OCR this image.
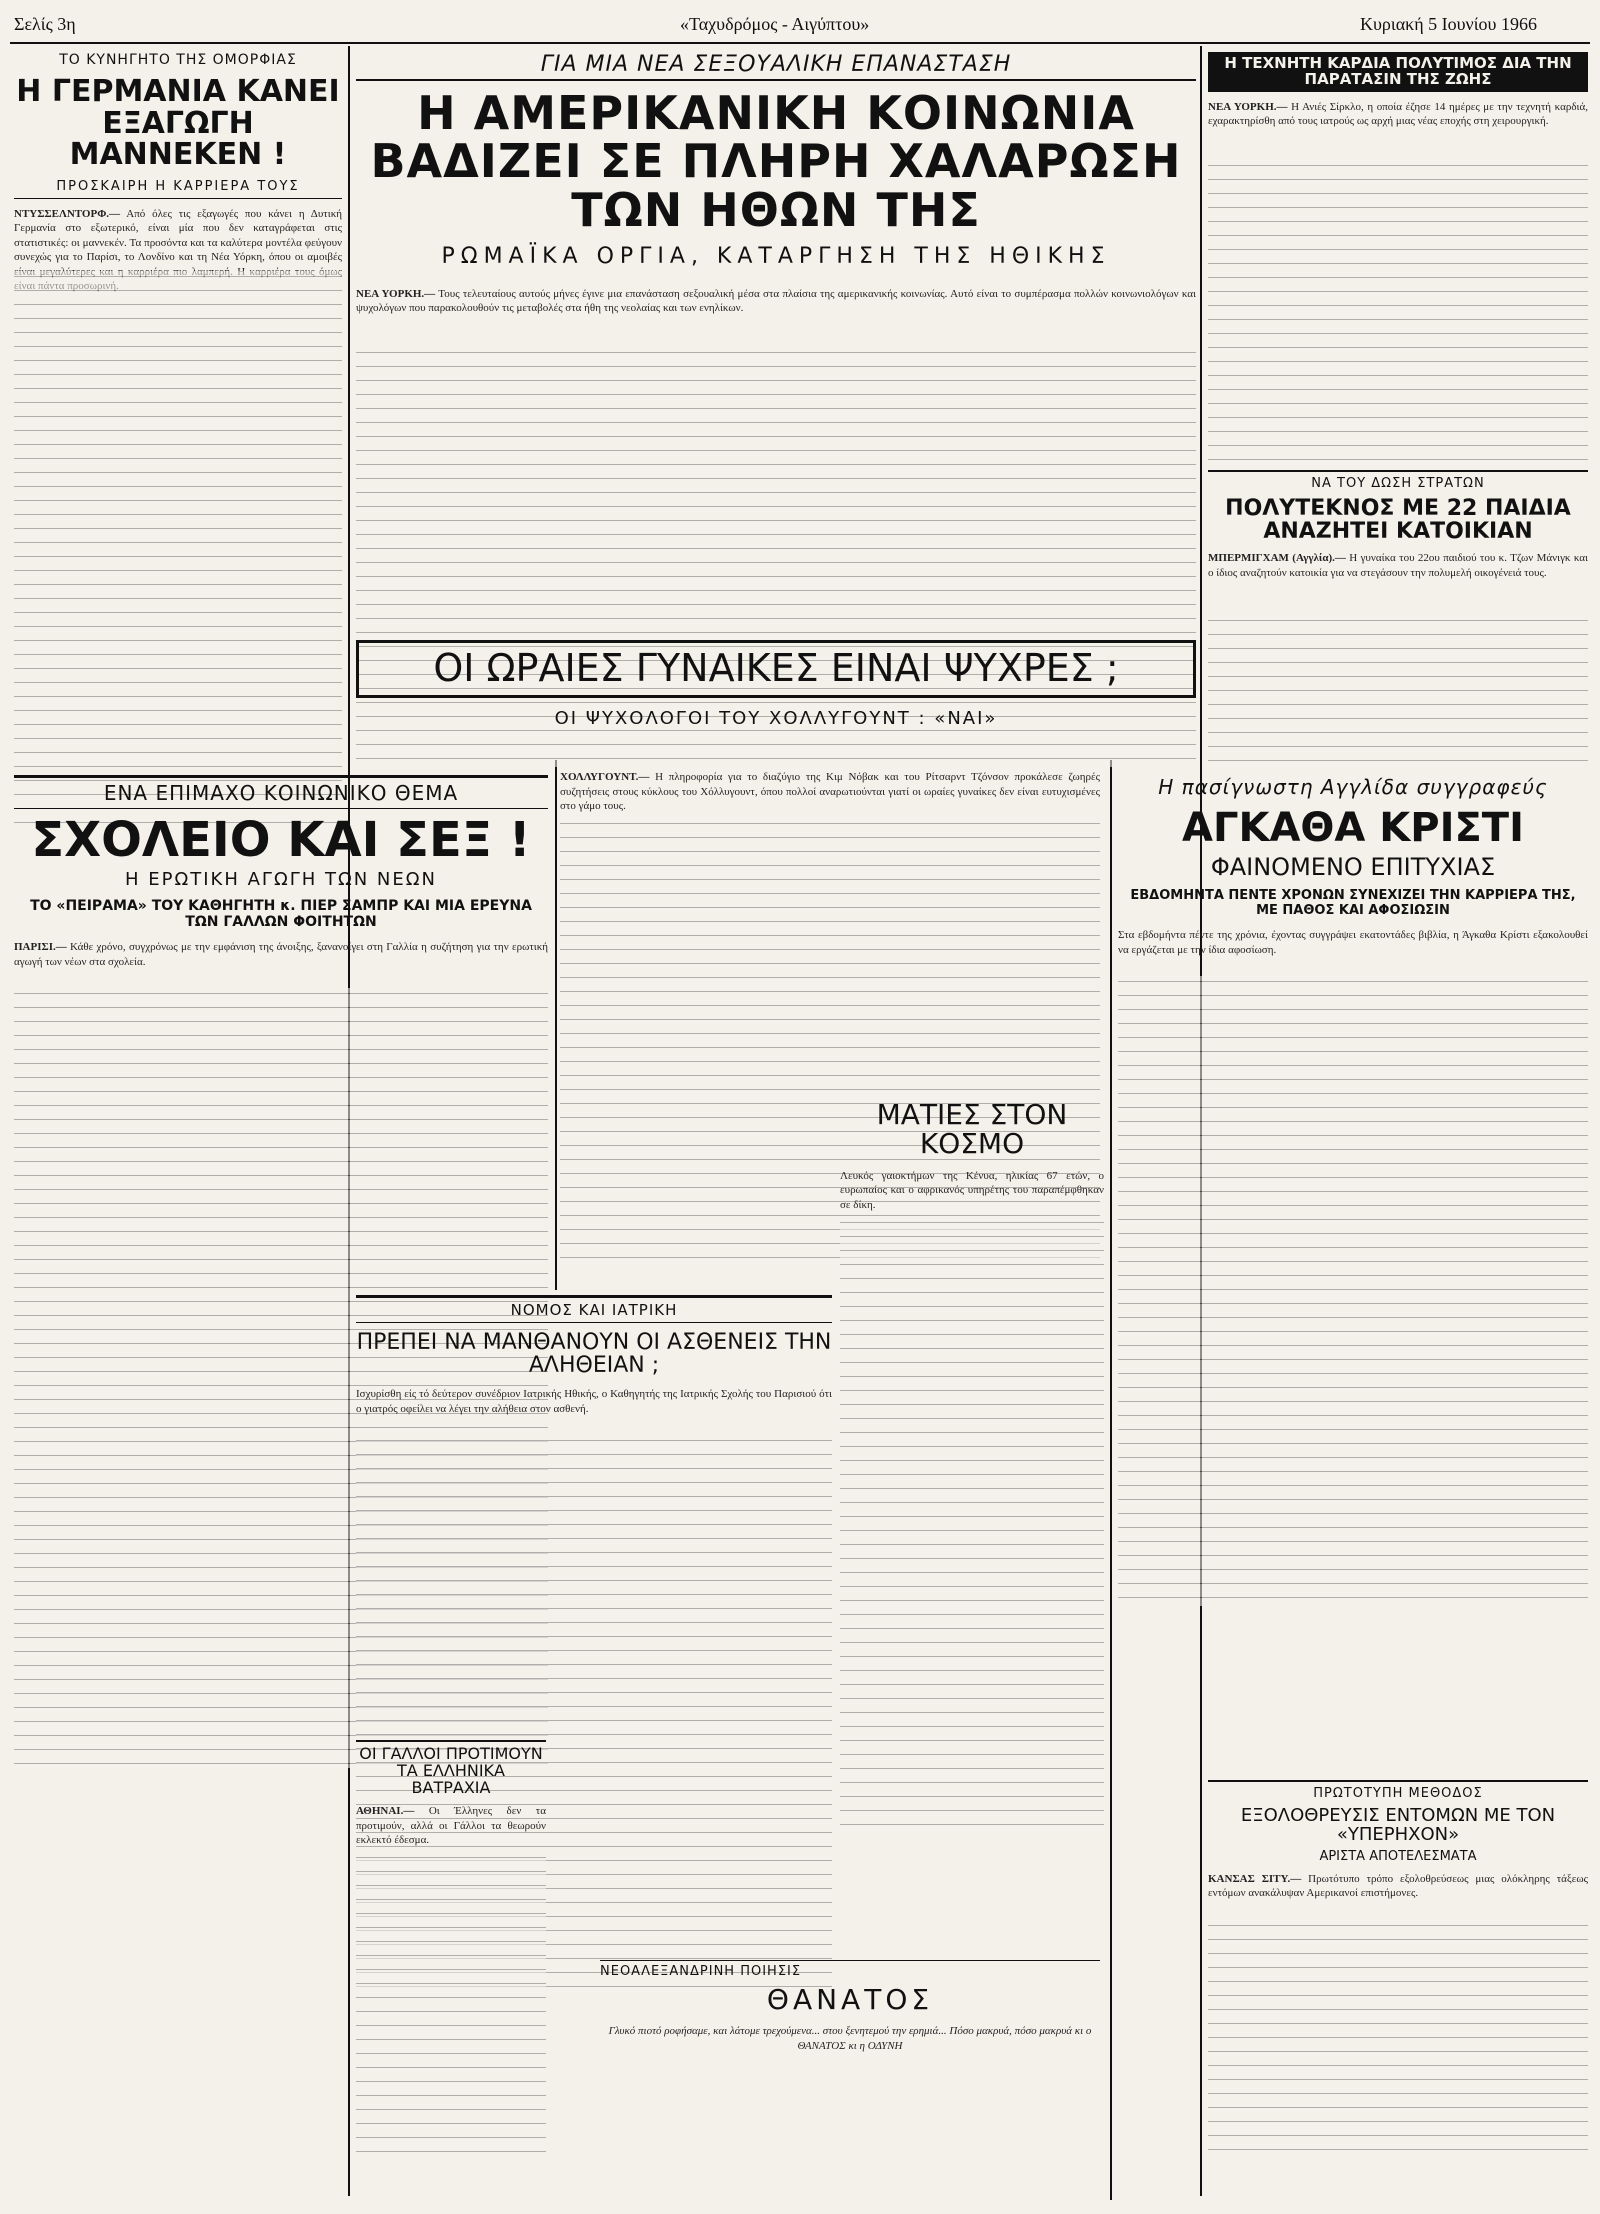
Σελίς 3η	«Ταχυδρόμος - Αιγύπτου»	Κυριακή 5 Ιουνίου 1966
ΤΟ ΚΥΝΗΓΗΤΟ ΤΗΣ ΟΜΟΡΦΙΑΣ
Η ΓΕΡΜΑΝΙΑ ΚΑΝΕΙ ΕΞΑΓΩΓΗ ΜΑΝΝΕΚΕΝ !
ΠΡΟΣΚΑΙΡΗ Η ΚΑΡΡΙΕΡΑ ΤΟΥΣ
ΝΤΥΣΣΕΛΝΤΟΡΦ.— Από όλες τις εξαγωγές που κάνει η Δυτική Γερμανία στο εξωτερικό, είναι μία που δεν καταγράφεται στις στατιστικές: οι μαννεκέν. Τα προσόντα και τα καλύτερα μοντέλα φεύγουν συνεχώς για το Παρίσι, το Λονδίνο και τη Νέα Υόρκη, όπου οι αμοιβές
ΓΙΑ ΜΙΑ ΝΕΑ ΣΕΞΟΥΑΛΙΚΗ ΕΠΑΝΑΣΤΑΣΗ
Η ΑΜΕΡΙΚΑΝΙΚΗ ΚΟΙΝΩΝΙΑ ΒΑΔΙΖΕΙ ΣΕ ΠΛΗΡΗ ΧΑΛΑΡΩΣΗ ΤΩΝ ΗΘΩΝ ΤΗΣ
ΡΩΜΑΪΚΑ ΟΡΓΙΑ, ΚΑΤΑΡΓΗΣΗ ΤΗΣ ΗΘΙΚΗΣ
ΝΕΑ ΥΟΡΚΗ.— Τους τελευταίους αυτούς μήνες έγινε μια επανάσταση σεξουαλική μέσα στα πλαίσια της αμερικανικής κοινωνίας. Αυτό είναι το συμπέρασμα πολλών κοινωνιολόγων και ψυχολόγων που παρακολουθούν τις μεταβολές στα ήθη της νεολαίας και των ενηλίκων.
Η ΤΕΧΝΗΤΗ ΚΑΡΔΙΑ ΠΟΛΥΤΙΜΟΣ ΔΙΑ ΤΗΝ ΠΑΡΑΤΑΣΙΝ ΤΗΣ ΖΩΗΣ
ΝΕΑ ΥΟΡΚΗ.— Η Ανιές Σίρκλο, η οποία έζησε 14 ημέρες με την τεχνητή καρδιά, εχαρακτηρίσθη από τους ιατρούς ως αρχή μιας νέας εποχής στη χειρουργική.
ΝΑ ΤΟΥ ΔΩΣΗ ΣΤΡΑΤΩΝ
ΠΟΛΥΤΕΚΝΟΣ ΜΕ 22 ΠΑΙΔΙΑ ΑΝΑΖΗΤΕΙ ΚΑΤΟΙΚΙΑΝ
ΜΠΕΡΜΙΓΧΑΜ (Αγγλία).— Η γυναίκα του 22ου παιδιού του κ. Τζων Μάνιγκ και ο ίδιος αναζητούν κατοικία για να στεγάσουν την πολυμελή οικογένειά τους.
ΟΙ ΩΡΑΙΕΣ ΓΥΝΑΙΚΕΣ ΕΙΝΑΙ ΨΥΧΡΕΣ ;
ΟΙ ΨΥΧΟΛΟΓΟΙ ΤΟΥ ΧΟΛΛΥΓΟΥΝΤ : «ΝΑΙ»
ΧΟΛΛΥΓΟΥΝΤ.— Η πληροφορία για το διαζύγιο της Κιμ Νόβακ και του Ρίτσαρντ Τζόνσον προκάλεσε ζωηρές συζητήσεις στους κύκλους του Χόλλυγουντ, όπου πολλοί αναρωτιούνται γιατί οι ωραίες γυναίκες δεν είναι ευτυχισμένες στο γάμο τους.
ΕΝΑ ΕΠΙΜΑΧΟ ΚΟΙΝΩΝΙΚΟ ΘΕΜΑ
ΣΧΟΛΕΙΟ ΚΑΙ ΣΕΞ !
Η ΕΡΩΤΙΚΗ ΑΓΩΓΗ ΤΩΝ ΝΕΩΝ
ΤΟ «ΠΕΙΡΑΜΑ» ΤΟΥ ΚΑΘΗΓΗΤΗ κ. ΠΙΕΡ ΣΑΜΠΡ ΚΑΙ ΜΙΑ ΕΡΕΥΝΑ ΤΩΝ ΓΑΛΛΩΝ ΦΟΙΤΗΤΩΝ
ΠΑΡΙΣΙ.— Κάθε χρόνο, συγχρόνως με την εμφάνιση της άνοιξης, ξανανοίγει στη Γαλλία η συζήτηση για την ερωτική αγωγή των νέων στα σχολεία.
Η πασίγνωστη Αγγλίδα συγγραφεύς
ΑΓΚΑΘΑ ΚΡΙΣΤΙ
ΦΑΙΝΟΜΕΝΟ ΕΠΙΤΥΧΙΑΣ
ΕΒΔΟΜΗΝΤΑ ΠΕΝΤΕ ΧΡΟΝΩΝ ΣΥΝΕΧΙΖΕΙ ΤΗΝ ΚΑΡΡΙΕΡΑ ΤΗΣ, ΜΕ ΠΑΘΟΣ ΚΑΙ ΑΦΟΣΙΩΣΙΝ
Στα εβδομήντα πέντε της χρόνια, έχοντας συγγράψει εκατοντάδες βιβλία, η Άγκαθα Κρίστι εξακολουθεί να εργάζεται με την ίδια αφοσίωση.
ΜΑΤΙΕΣ ΣΤΟΝ ΚΟΣΜΟ
Λευκός γαιοκτήμων της Κένυα, ηλικίας 67 ετών, ο ευρωπαίος και ο αφρικανός υπηρέτης του παραπέμφθηκαν σε δίκη.
ΝΟΜΟΣ ΚΑΙ ΙΑΤΡΙΚΗ
ΠΡΕΠΕΙ ΝΑ ΜΑΝΘΑΝΟΥΝ ΟΙ ΑΣΘΕΝΕΙΣ ΤΗΝ ΑΛΗΘΕΙΑΝ ;
Ισχυρίσθη είς τό δεύτερον συνέδριον Ιατρικής Ηθικής, ο Καθηγητής της Ιατρικής Σχολής του Παρισιού ότι ο γιατρός οφείλει να λέγει την αλήθεια στον ασθενή.
ΟΙ ΓΑΛΛΟΙ ΠΡΟΤΙΜΟΥΝ ΤΑ ΕΛΛΗΝΙΚΑ ΒΑΤΡΑΧΙΑ
ΑΘΗΝΑΙ.— Οι Έλληνες δεν τα προτιμούν, αλλά οι Γάλλοι τα θεωρούν εκλεκτό έδεσμα.
ΝΕΟΑΛΕΞΑΝΔΡΙΝΗ ΠΟΙΗΣΙΣ
ΘΑΝΑΤΟΣ
Γλυκό πιοτό ροφήσαμε, και λάτομε τρεχούμενα... στου ξενητεμού την ερημιά... Πόσο μακρυά, πόσο μακρυά κι ο ΘΑΝΑΤΟΣ κι η ΟΔΥΝΗ
ΠΡΩΤΟΤΥΠΗ ΜΕΘΟΔΟΣ
ΕΞΟΛΟΘΡΕΥΣΙΣ ΕΝΤΟΜΩΝ ΜΕ ΤΟΝ «ΥΠΕΡΗΧΟΝ»
ΑΡΙΣΤΑ ΑΠΟΤΕΛΕΣΜΑΤΑ
ΚΑΝΣΑΣ ΣΙΤΥ.— Πρωτότυπο τρόπο εξολοθρεύσεως μιας ολόκληρης τάξεως εντόμων ανακάλυψαν Αμερικανοί επιστήμονες.
